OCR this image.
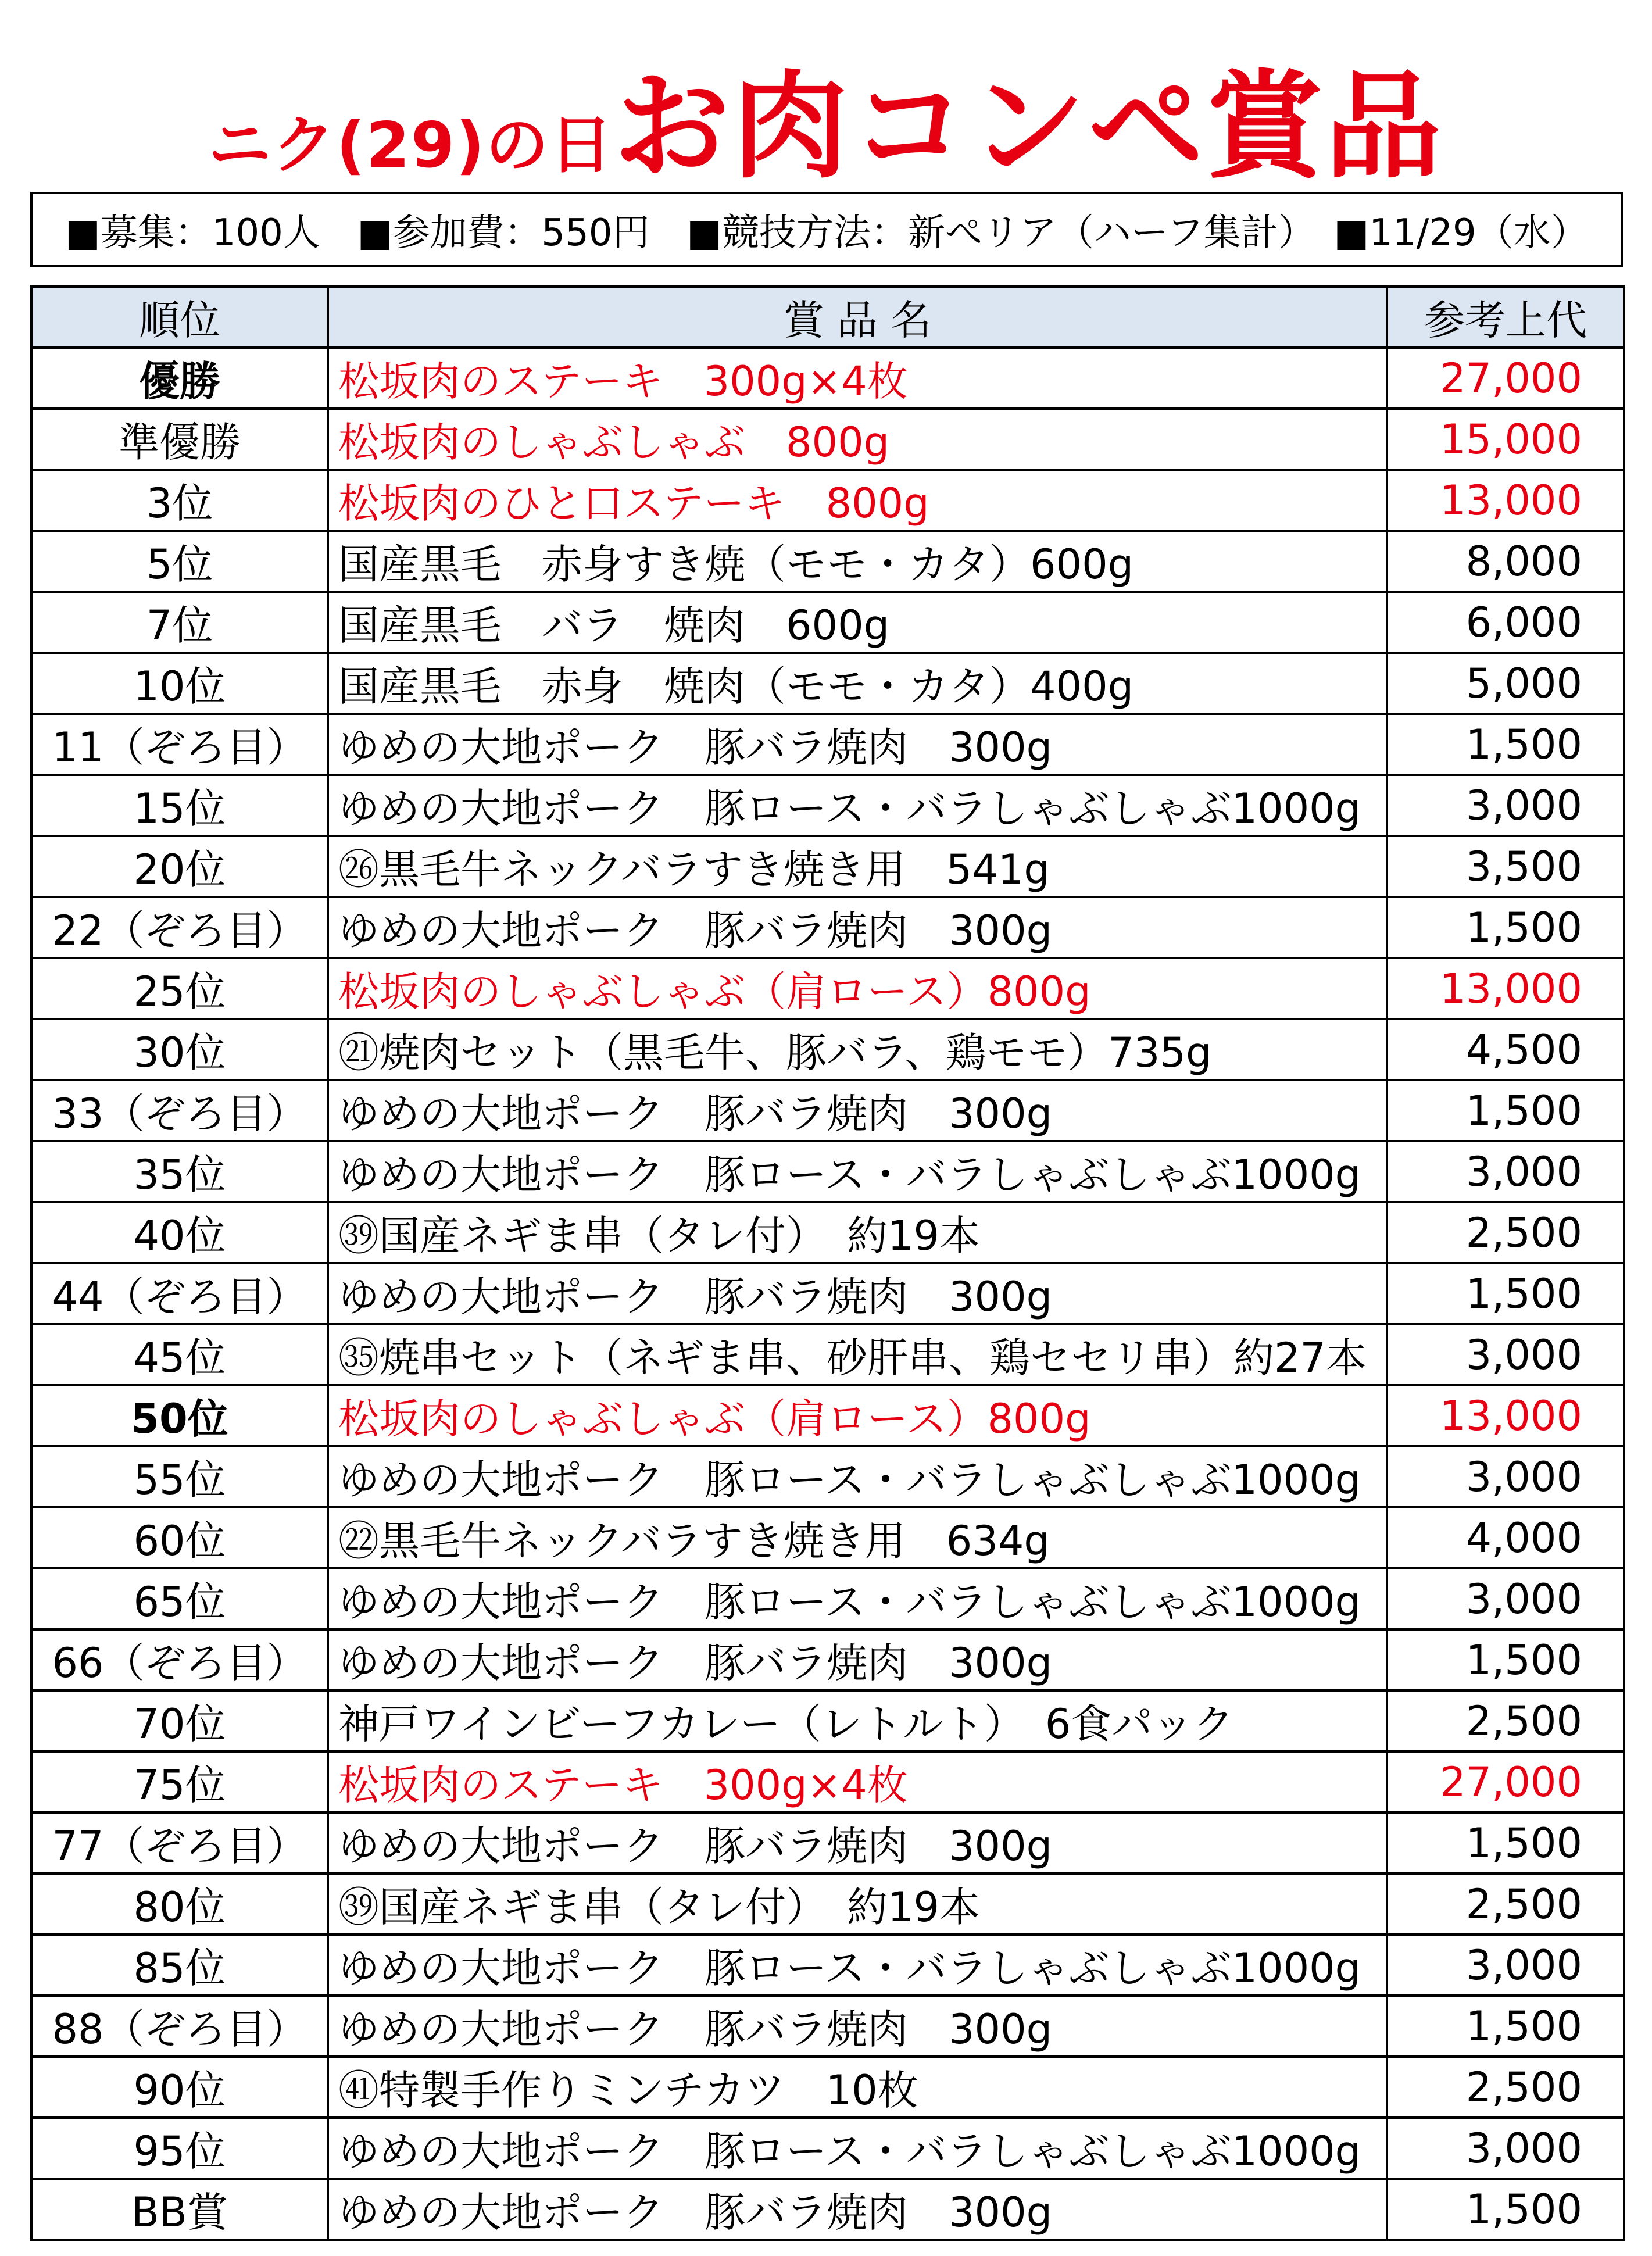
ニク(29)の日お肉コンペ賞品
■募集：100人　■参加費：550円　■競技方法：新ぺリア（ハーフ集計）　■11/29（水）
順位	賞 品 名	参考上代
優勝	松坂肉のステーキ　300g×4枚	27,000
準優勝	松坂肉のしゃぶしゃぶ　800g	15,000
3位	松坂肉のひと口ステーキ　800g	13,000
5位	国産黒毛　赤身すき焼（モモ・カタ）600g	8,000
7位	国産黒毛　バラ　焼肉　600g	6,000
10位	国産黒毛　赤身　焼肉（モモ・カタ）400g	5,000
11（ぞろ目）	ゆめの大地ポーク　豚バラ焼肉　300g	1,500
15位	ゆめの大地ポーク　豚ロース・バラしゃぶしゃぶ1000g	3,000
20位	㉖黒毛牛ネックバラすき焼き用　541g	3,500
22（ぞろ目）	ゆめの大地ポーク　豚バラ焼肉　300g	1,500
25位	松坂肉のしゃぶしゃぶ（肩ロース）800g	13,000
30位	㉑焼肉セット（黒毛牛、豚バラ、鶏モモ）735g	4,500
33（ぞろ目）	ゆめの大地ポーク　豚バラ焼肉　300g	1,500
35位	ゆめの大地ポーク　豚ロース・バラしゃぶしゃぶ1000g	3,000
40位	㊴国産ネギま串（タレ付）　約19本	2,500
44（ぞろ目）	ゆめの大地ポーク　豚バラ焼肉　300g	1,500
45位	㉟焼串セット（ネギま串、砂肝串、鶏セセリ串）約27本	3,000
50位	松坂肉のしゃぶしゃぶ（肩ロース）800g	13,000
55位	ゆめの大地ポーク　豚ロース・バラしゃぶしゃぶ1000g	3,000
60位	㉒黒毛牛ネックバラすき焼き用　634g	4,000
65位	ゆめの大地ポーク　豚ロース・バラしゃぶしゃぶ1000g	3,000
66（ぞろ目）	ゆめの大地ポーク　豚バラ焼肉　300g	1,500
70位	神戸ワインビーフカレー（レトルト）　6食パック	2,500
75位	松坂肉のステーキ　300g×4枚	27,000
77（ぞろ目）	ゆめの大地ポーク　豚バラ焼肉　300g	1,500
80位	㊴国産ネギま串（タレ付）　約19本	2,500
85位	ゆめの大地ポーク　豚ロース・バラしゃぶしゃぶ1000g	3,000
88（ぞろ目）	ゆめの大地ポーク　豚バラ焼肉　300g	1,500
90位	㊶特製手作りミンチカツ　10枚	2,500
95位	ゆめの大地ポーク　豚ロース・バラしゃぶしゃぶ1000g	3,000
BB賞	ゆめの大地ポーク　豚バラ焼肉　300g	1,500
